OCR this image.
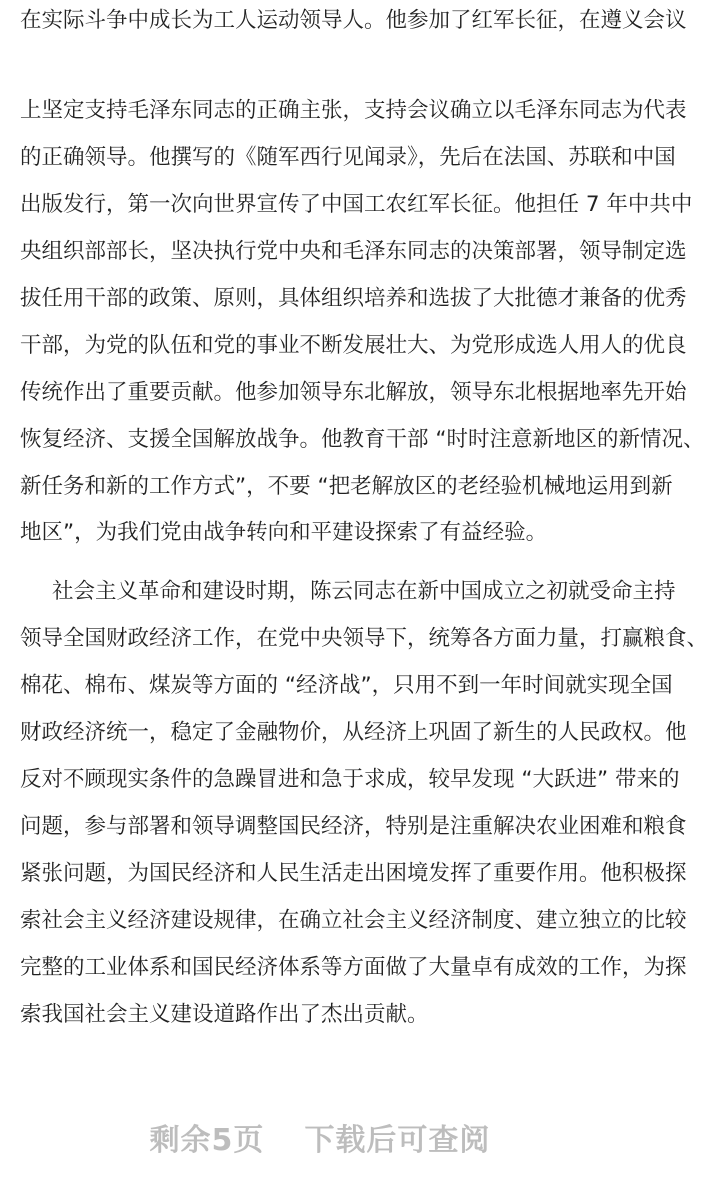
在实际斗争中成长为工人运动领导人。他参加了红军长征，在遵义会议
上坚定支持毛泽东同志的正确主张，支持会议确立以毛泽东同志为代表
的正确领导。他撰写的《随军西行见闻录》，先后在法国、苏联和中国
出版发行，第一次向世界宣传了中国工农红军长征。他担任 7 年中共中
央组织部部长，坚决执行党中央和毛泽东同志的决策部署，领导制定选
拔任用干部的政策、原则，具体组织培养和选拔了大批德才兼备的优秀
干部，为党的队伍和党的事业不断发展壮大、为党形成选人用人的优良
传统作出了重要贡献。他参加领导东北解放，领导东北根据地率先开始
恢复经济、支援全国解放战争。他教育干部 “时时注意新地区的新情况、
新任务和新的工作方式”，不要 “把老解放区的老经验机械地运用到新
地区”，为我们党由战争转向和平建设探索了有益经验。
社会主义革命和建设时期，陈云同志在新中国成立之初就受命主持
领导全国财政经济工作，在党中央领导下，统筹各方面力量，打赢粮食、
棉花、棉布、煤炭等方面的 “经济战”，只用不到一年时间就实现全国
财政经济统一，稳定了金融物价，从经济上巩固了新生的人民政权。他
反对不顾现实条件的急躁冒进和急于求成，较早发现 “大跃进” 带来的
问题，参与部署和领导调整国民经济，特别是注重解决农业困难和粮食
紧张问题，为国民经济和人民生活走出困境发挥了重要作用。他积极探
索社会主义经济建设规律，在确立社会主义经济制度、建立独立的比较
完整的工业体系和国民经济体系等方面做了大量卓有成效的工作，为探
索我国社会主义建设道路作出了杰出贡献。
剩余5页 下载后可查阅
